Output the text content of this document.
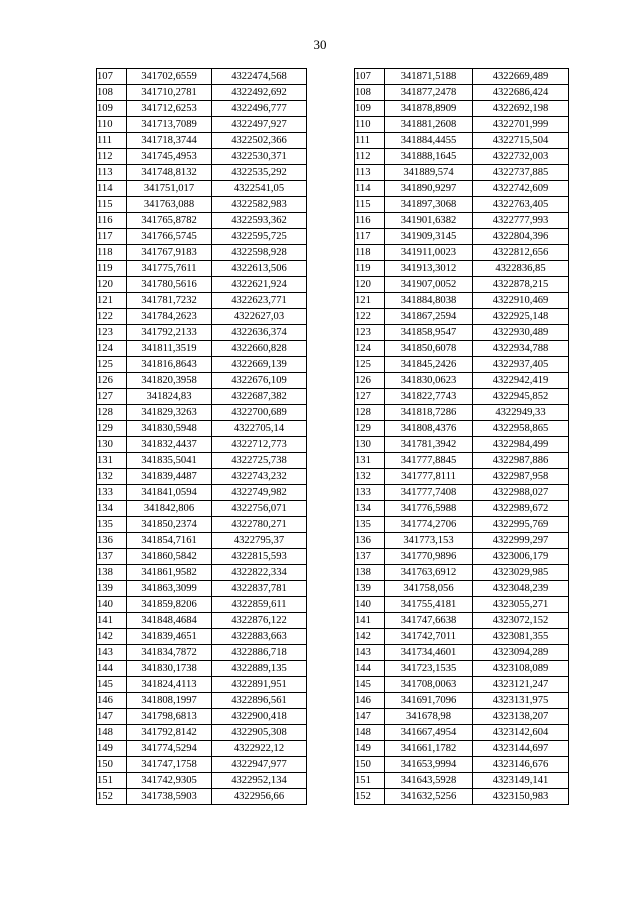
30
107	341702,6559	4322474,568
108	341710,2781	4322492,692
109	341712,6253	4322496,777
110	341713,7089	4322497,927
111	341718,3744	4322502,366
112	341745,4953	4322530,371
113	341748,8132	4322535,292
114	341751,017	4322541,05
115	341763,088	4322582,983
116	341765,8782	4322593,362
117	341766,5745	4322595,725
118	341767,9183	4322598,928
119	341775,7611	4322613,506
120	341780,5616	4322621,924
121	341781,7232	4322623,771
122	341784,2623	4322627,03
123	341792,2133	4322636,374
124	341811,3519	4322660,828
125	341816,8643	4322669,139
126	341820,3958	4322676,109
127	341824,83	4322687,382
128	341829,3263	4322700,689
129	341830,5948	4322705,14
130	341832,4437	4322712,773
131	341835,5041	4322725,738
132	341839,4487	4322743,232
133	341841,0594	4322749,982
134	341842,806	4322756,071
135	341850,2374	4322780,271
136	341854,7161	4322795,37
137	341860,5842	4322815,593
138	341861,9582	4322822,334
139	341863,3099	4322837,781
140	341859,8206	4322859,611
141	341848,4684	4322876,122
142	341839,4651	4322883,663
143	341834,7872	4322886,718
144	341830,1738	4322889,135
145	341824,4113	4322891,951
146	341808,1997	4322896,561
147	341798,6813	4322900,418
148	341792,8142	4322905,308
149	341774,5294	4322922,12
150	341747,1758	4322947,977
151	341742,9305	4322952,134
152	341738,5903	4322956,66
107	341871,5188	4322669,489
108	341877,2478	4322686,424
109	341878,8909	4322692,198
110	341881,2608	4322701,999
111	341884,4455	4322715,504
112	341888,1645	4322732,003
113	341889,574	4322737,885
114	341890,9297	4322742,609
115	341897,3068	4322763,405
116	341901,6382	4322777,993
117	341909,3145	4322804,396
118	341911,0023	4322812,656
119	341913,3012	4322836,85
120	341907,0052	4322878,215
121	341884,8038	4322910,469
122	341867,2594	4322925,148
123	341858,9547	4322930,489
124	341850,6078	4322934,788
125	341845,2426	4322937,405
126	341830,0623	4322942,419
127	341822,7743	4322945,852
128	341818,7286	4322949,33
129	341808,4376	4322958,865
130	341781,3942	4322984,499
131	341777,8845	4322987,886
132	341777,8111	4322987,958
133	341777,7408	4322988,027
134	341776,5988	4322989,672
135	341774,2706	4322995,769
136	341773,153	4322999,297
137	341770,9896	4323006,179
138	341763,6912	4323029,985
139	341758,056	4323048,239
140	341755,4181	4323055,271
141	341747,6638	4323072,152
142	341742,7011	4323081,355
143	341734,4601	4323094,289
144	341723,1535	4323108,089
145	341708,0063	4323121,247
146	341691,7096	4323131,975
147	341678,98	4323138,207
148	341667,4954	4323142,604
149	341661,1782	4323144,697
150	341653,9994	4323146,676
151	341643,5928	4323149,141
152	341632,5256	4323150,983
